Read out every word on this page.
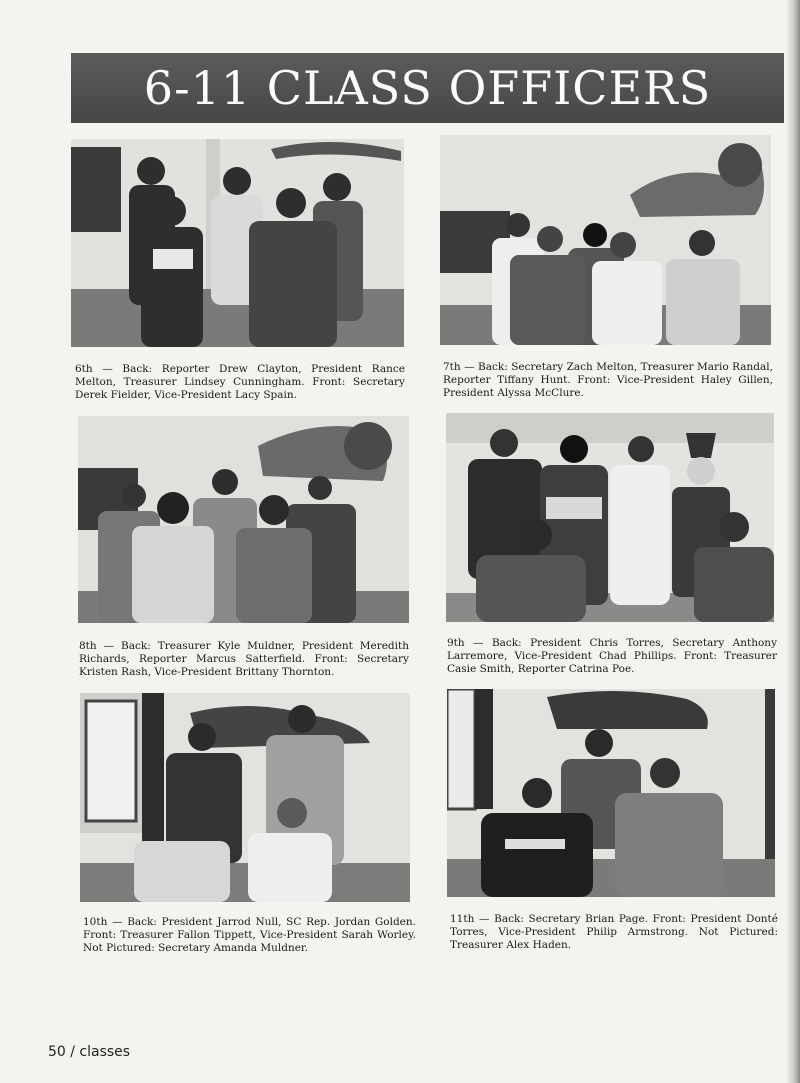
6-11 CLASS OFFICERS

6th — Back: Reporter Drew Clayton, President Rance Melton, Treasurer Lindsey Cunningham. Front: Secretary Derek Fielder, Vice-President Lacy Spain.

7th — Back: Secretary Zach Melton, Treasurer Mario Randal, Reporter Tiffany Hunt. Front: Vice-President Haley Gillen, President Alyssa McClure.

8th — Back: Treasurer Kyle Muldner, President Meredith Richards, Reporter Marcus Satterfield. Front: Secretary Kristen Rash, Vice-President Brittany Thornton.

9th — Back: President Chris Torres, Secretary Anthony Larremore, Vice-President Chad Phillips. Front: Treasurer Casie Smith, Reporter Catrina Poe.

10th — Back: President Jarrod Null, SC Rep. Jordan Golden. Front: Treasurer Fallon Tippett, Vice-President Sarah Worley. Not Pictured: Secretary Amanda Muldner.

11th — Back: Secretary Brian Page. Front: President Donté Torres, Vice-President Philip Armstrong. Not Pictured: Treasurer Alex Haden.

50 / classes
